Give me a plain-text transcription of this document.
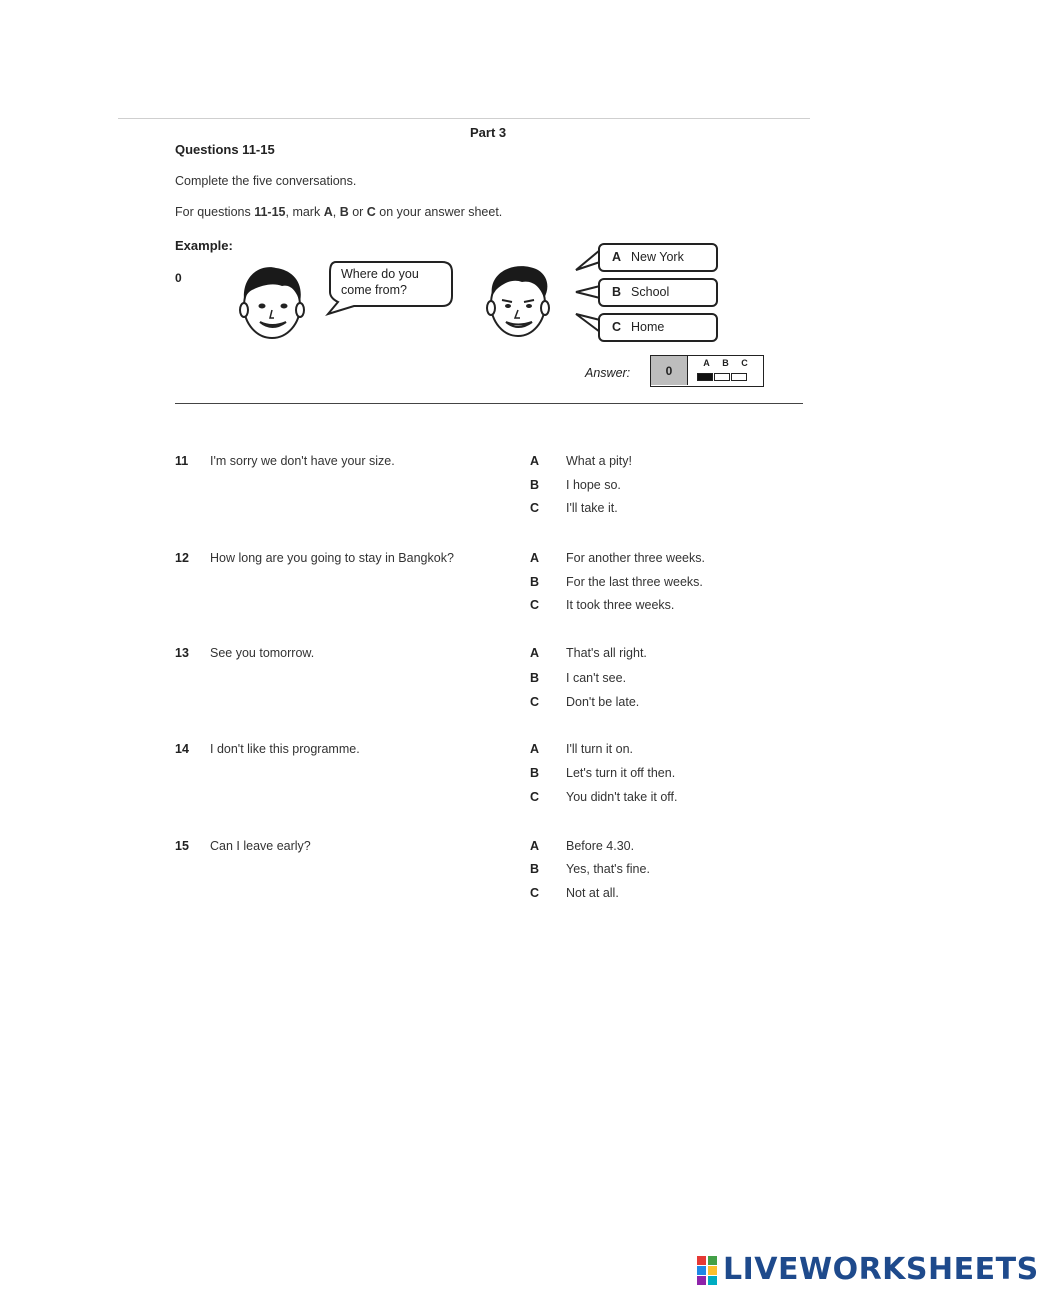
Part 3
Questions 11-15
Complete the five conversations.
For questions 11-15, mark A, B or C on your answer sheet.
Example:
0	Where do you
come from?
A New York
B School
C Home
Answer:	0
A B C
11 I'm sorry we don't have your size.	A What a pity!
B I hope so.
C I'll take it.
12 How long are you going to stay in Bangkok?	A For another three weeks.
B For the last three weeks.
C It took three weeks.
13 See you tomorrow.	A That's all right.
B I can't see.
C Don't be late.
14 I don't like this programme.	A I'll turn it on.
B Let's turn it off then.
C You didn't take it off.
15 Can I leave early?	A Before 4.30.
B Yes, that's fine.
C Not at all.
LIVEWORKSHEETS
